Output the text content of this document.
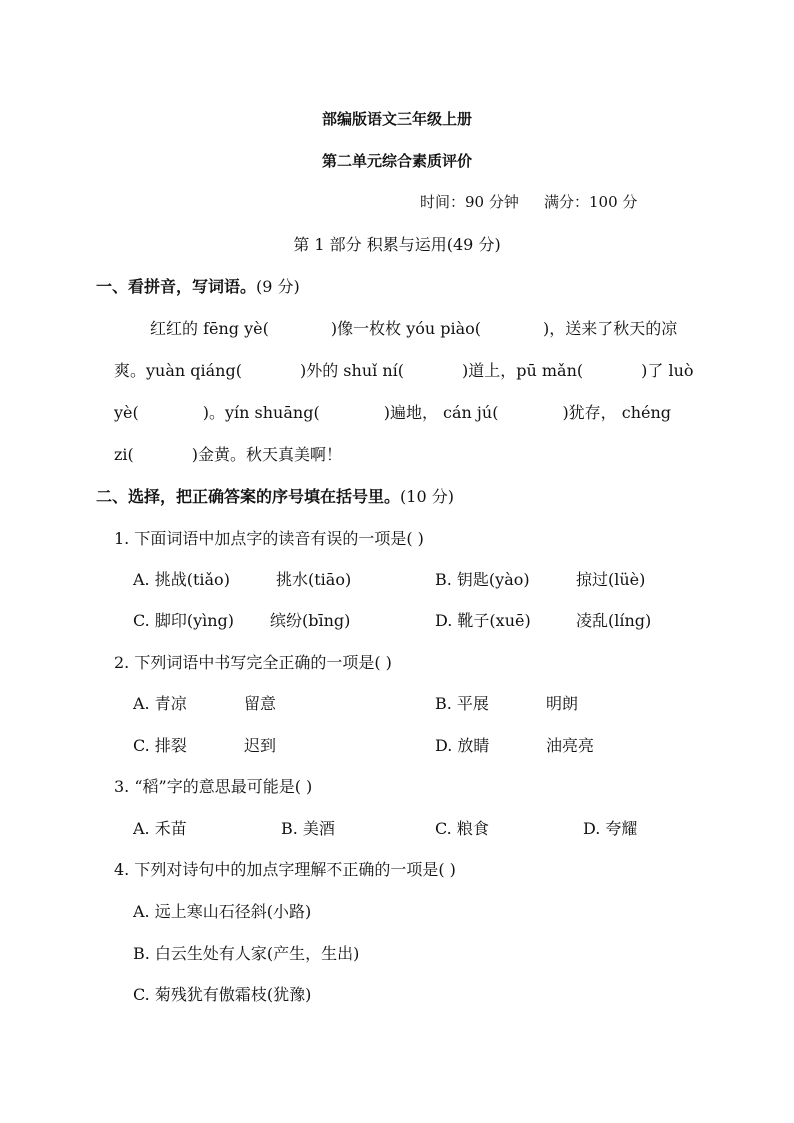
部编版语文三年级上册
第二单元综合素质评价
时间：90 分钟 满分：100 分
第 1 部分 积累与运用(49 分)
一、看拼音，写词语。(9 分)
红红的 fēng yè(	)像一枚枚 yóu piào(	)，送来了秋天的凉
爽。yuàn qiáng(	)外的 shuǐ ní(	)道上，pū mǎn(	)了 luò
yè(	)。yín shuāng(	)遍地， cán jú(	)犹存， chéng
zi(	)金黄。秋天真美啊！
二、选择，把正确答案的序号填在括号里。(10 分)
1. 下面词语中加点字的读音有误的一项是( )
A. 挑战(tiǎo)	挑水(tiāo)	B. 钥匙(yào)	掠过(lüè)
C. 脚印(yìng) 缤纷(bīng)	D. 靴子(xuē)	凌乱(líng)
2. 下列词语中书写完全正确的一项是( )
A. 青凉	留意	B. 平展	明朗
C. 排裂	迟到	D. 放睛	油亮亮
3. “稻”字的意思最可能是( )
A. 禾苗	B. 美酒	C. 粮食	D. 夸耀
4. 下列对诗句中的加点字理解不正确的一项是( )
A. 远上寒山石径斜(小路)
B. 白云生处有人家(产生，生出)
C. 菊残犹有傲霜枝(犹豫)
